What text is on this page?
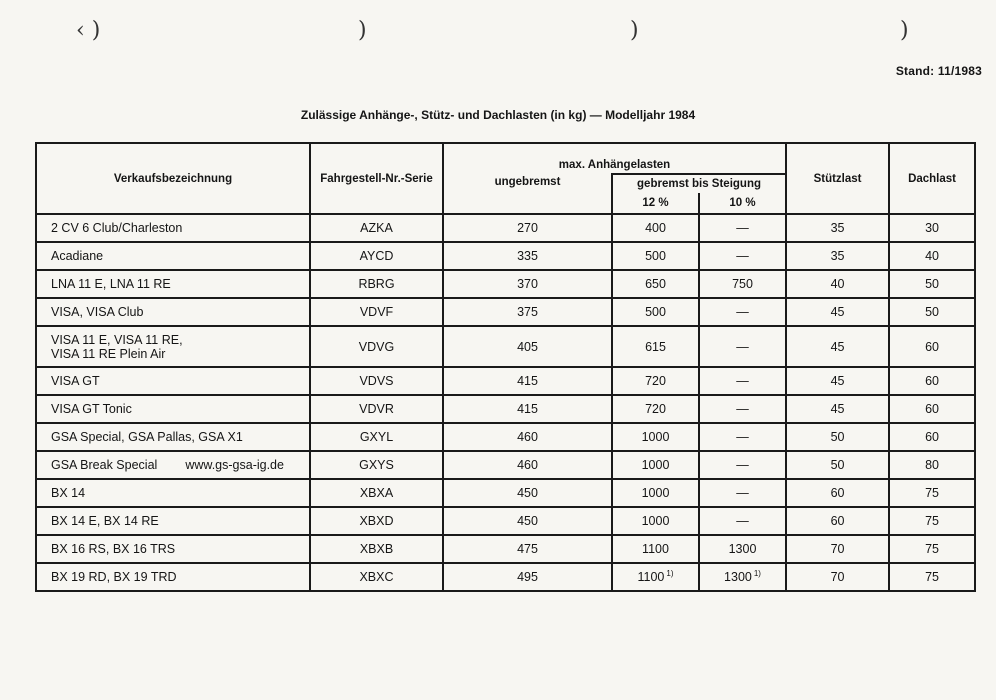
‹ )	)	)	)
Stand: 11/1983
Zulässige Anhänge-, Stütz- und Dachlasten (in kg) — Modelljahr 1984
Verkaufsbezeichnung	Fahrgestell-Nr.-Serie	max. Anhängelasten			Stützlast	Dachlast
		ungebremst	gebremst bis Steigung			
			12 %	10 %		
2 CV 6 Club/Charleston	AZKA	270	400	—	35	30
Acadiane	AYCD	335	500	—	35	40
LNA 11 E, LNA 11 RE	RBRG	370	650	750	40	50
VISA, VISA Club	VDVF	375	500	—	45	50
VISA 11 E, VISA 11 RE,
VISA 11 RE Plein Air	VDVG	405	615	—	45	60
VISA GT	VDVS	415	720	—	45	60
VISA GT Tonic	VDVR	415	720	—	45	60
GSA Special, GSA Pallas, GSA X1	GXYL	460	1000	—	50	60
GSA Break Special www.gs-gsa-ig.de	GXYS	460	1000	—	50	80
BX 14	XBXA	450	1000	—	60	75
BX 14 E, BX 14 RE	XBXD	450	1000	—	60	75
BX 16 RS, BX 16 TRS	XBXB	475	1100	1300	70	75
BX 19 RD, BX 19 TRD	XBXC	495	1100 $^{1)}$	1300 $^{1)}$	70	75
